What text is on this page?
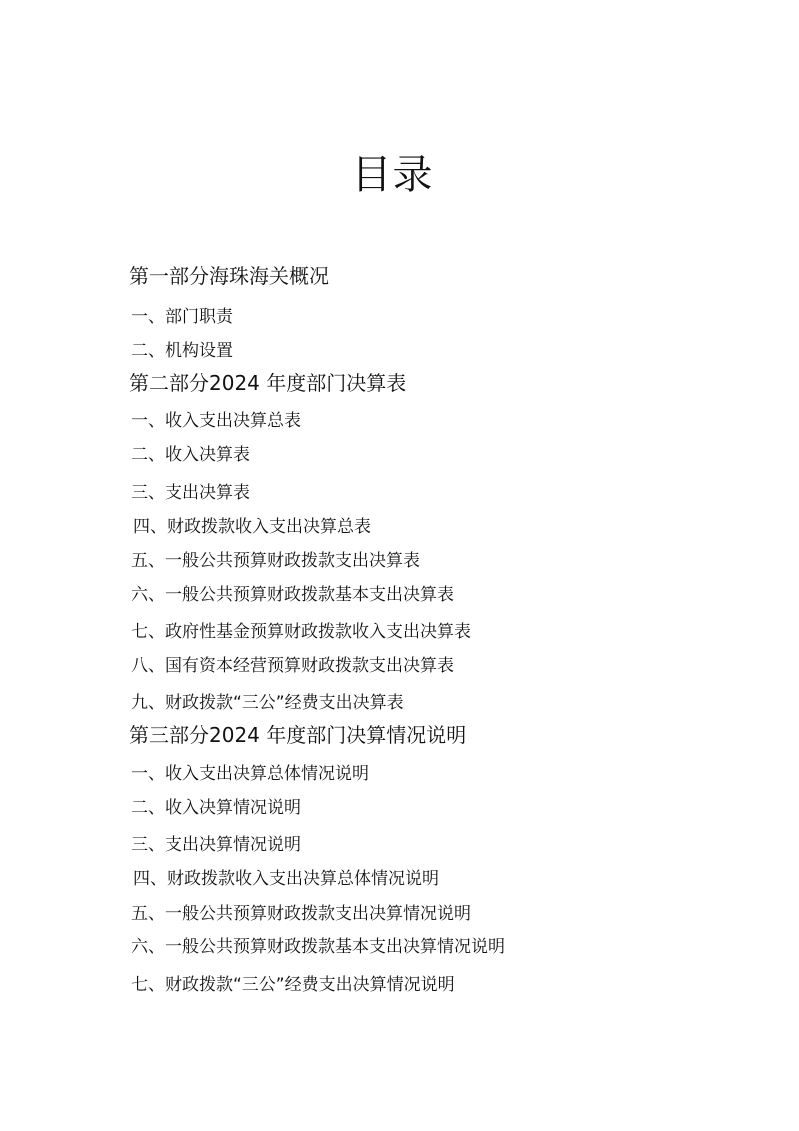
目录
第一部分海珠海关概况
一、部门职责
二、机构设置
第二部分2024 年度部门决算表
一、收入支出决算总表
二、收入决算表
三、支出决算表
四、财政拨款收入支出决算总表
五、一般公共预算财政拨款支出决算表
六、一般公共预算财政拨款基本支出决算表
七、政府性基金预算财政拨款收入支出决算表
八、国有资本经营预算财政拨款支出决算表
九、财政拨款“三公”经费支出决算表
第三部分2024 年度部门决算情况说明
一、收入支出决算总体情况说明
二、收入决算情况说明
三、支出决算情况说明
四、财政拨款收入支出决算总体情况说明
五、一般公共预算财政拨款支出决算情况说明
六、一般公共预算财政拨款基本支出决算情况说明
七、财政拨款“三公”经费支出决算情况说明
